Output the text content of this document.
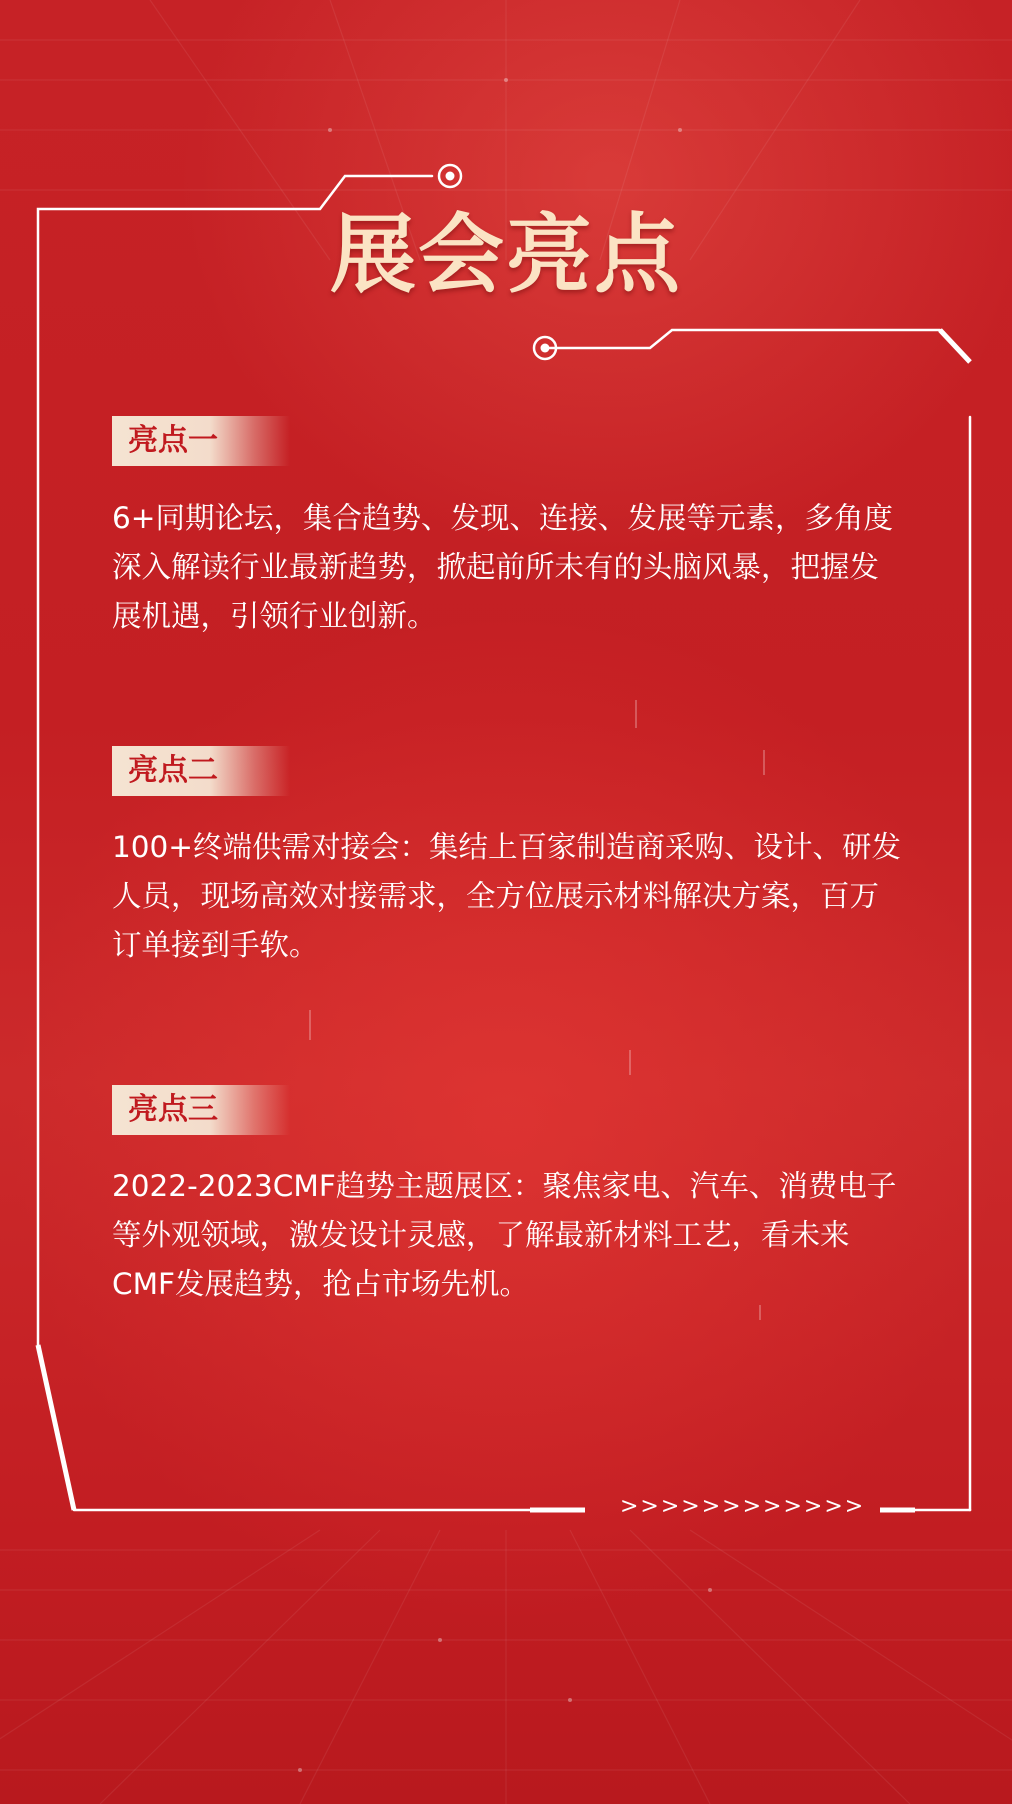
展会亮点
亮点一
6+同期论坛，集合趋势、发现、连接、发展等元素，多角度深入解读行业最新趋势，掀起前所未有的头脑风暴，把握发展机遇，引领行业创新。
亮点二
100+终端供需对接会：集结上百家制造商采购、设计、研发人员，现场高效对接需求，全方位展示材料解决方案，百万订单接到手软。
亮点三
2022-2023CMF趋势主题展区：聚焦家电、汽车、消费电子等外观领域，激发设计灵感，了解最新材料工艺，看未来CMF发展趋势，抢占市场先机。
>>>>>>>>>>>>
